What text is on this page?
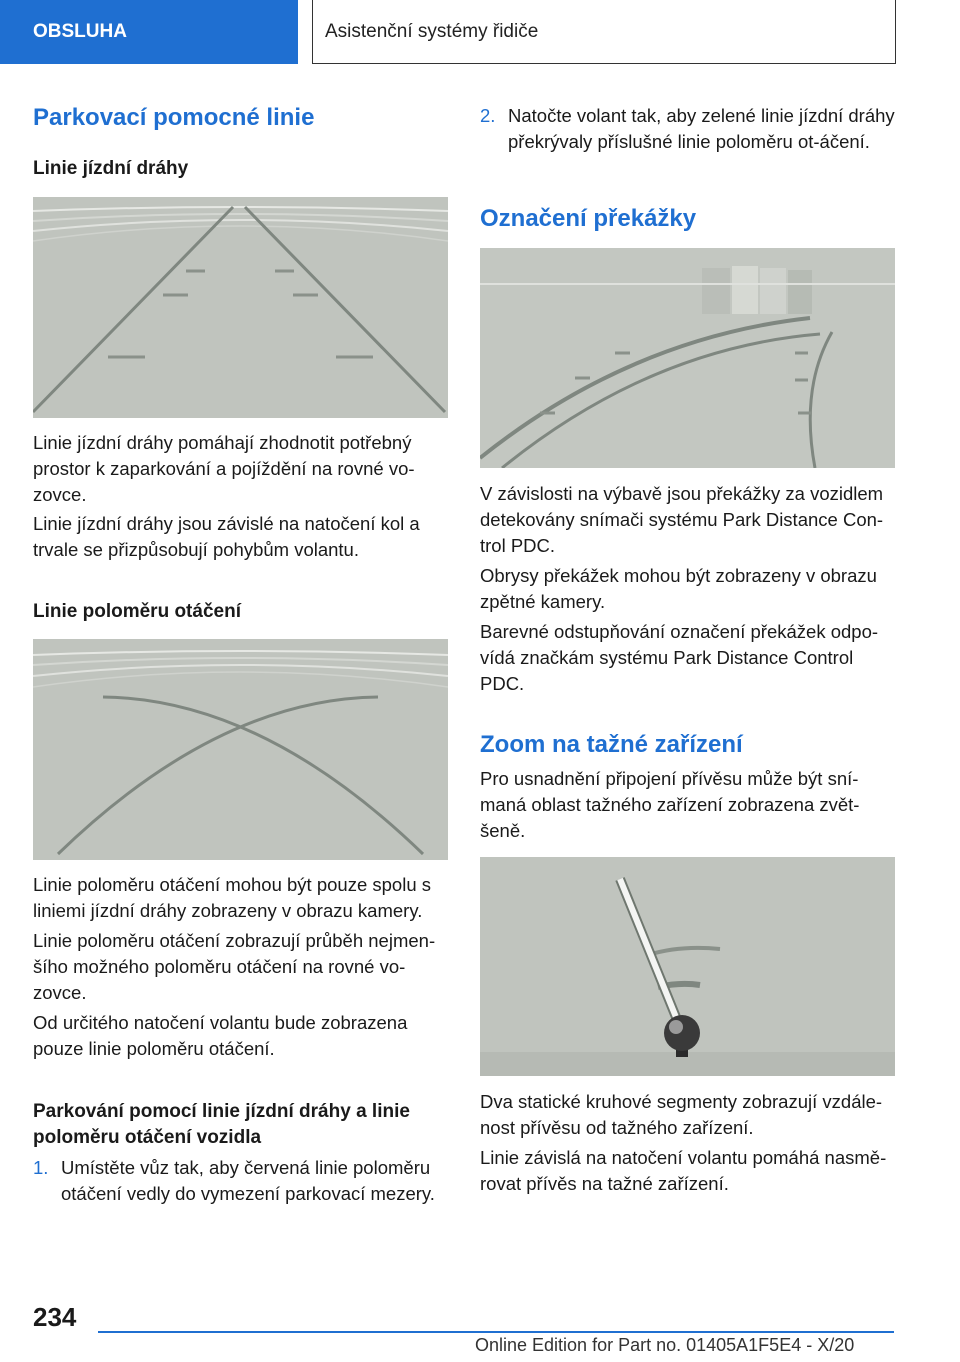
OBSLUHA	Asistenční systémy řidiče
Parkovací pomocné linie
Linie jízdní dráhy

Linie jízdní dráhy pomáhají zhodnotit potřebný prostor k zaparkování a pojíždění na rovné vo-zovce.

Linie jízdní dráhy jsou závislé na natočení kol a trvale se přizpůsobují pohybům volantu.

Linie poloměru otáčení

Linie poloměru otáčení mohou být pouze spolu s liniemi jízdní dráhy zobrazeny v obrazu kamery.

Linie poloměru otáčení zobrazují průběh nejmen-šího možného poloměru otáčení na rovné vo-zovce.

Od určitého natočení volantu bude zobrazena pouze linie poloměru otáčení.

Parkování pomocí linie jízdní dráhy a linie poloměru otáčení vozidla
1. Umístěte vůz tak, aby červená linie poloměru otáčení vedly do vymezení parkovací mezery.

2. Natočte volant tak, aby zelené linie jízdní dráhy překrývaly příslušné linie poloměru ot-áčení.

Označení překážky

V závislosti na výbavě jsou překážky za vozidlem detekovány snímači systému Park Distance Con-trol PDC.

Obrysy překážek mohou být zobrazeny v obrazu zpětné kamery.

Barevné odstupňování označení překážek odpo-vídá značkám systému Park Distance Control PDC.

Zoom na tažné zařízení

Pro usnadnění připojení přívěsu může být sní-maná oblast tažného zařízení zobrazena zvět-šeně.

Dva statické kruhové segmenty zobrazují vzdále-nost přívěsu od tažného zařízení.

Linie závislá na natočení volantu pomáhá nasmě-rovat přívěs na tažné zařízení.

234
Online Edition for Part no. 01405A1F5E4 - X/20
